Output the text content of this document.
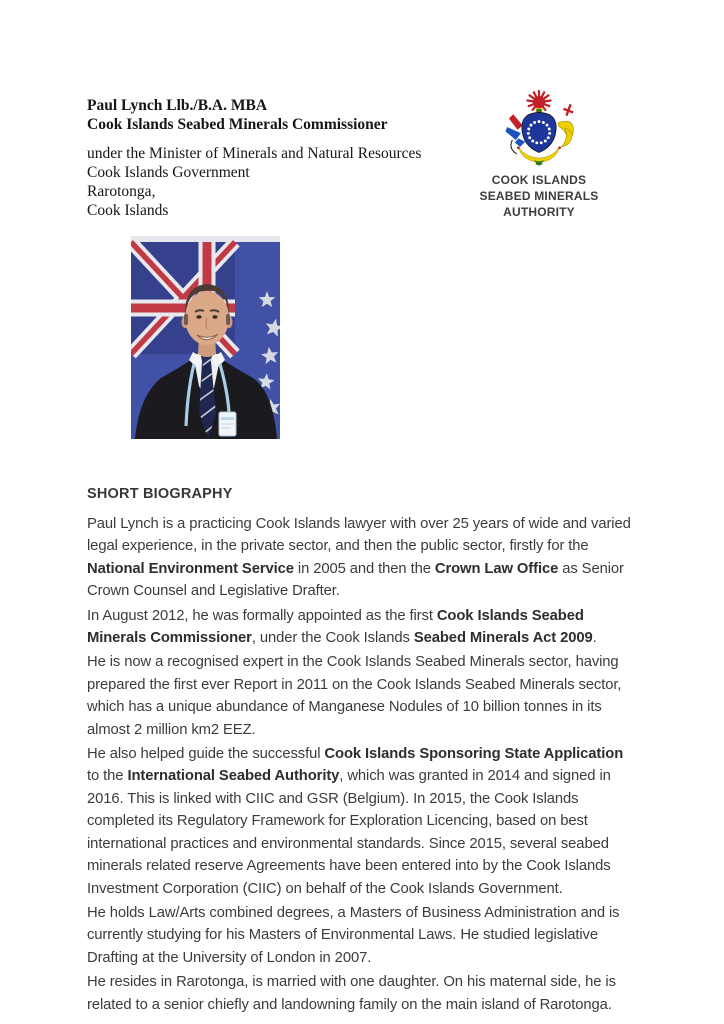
Paul Lynch Llb./B.A. MBA
Cook Islands Seabed Minerals Commissioner
under the Minister of Minerals and Natural Resources
Cook Islands Government
Rarotonga,
Cook Islands
COOK ISLANDS
SEABED MINERALS AUTHORITY
SHORT BIOGRAPHY

Paul Lynch is a practicing Cook Islands lawyer with over 25 years of wide and varied legal experience, in the private sector, and then the public sector, firstly for the National Environment Service in 2005 and then the Crown Law Office as Senior Crown Counsel and Legislative Drafter.

In August 2012, he was formally appointed as the first Cook Islands Seabed Minerals Commissioner, under the Cook Islands Seabed Minerals Act 2009.

He is now a recognised expert in the Cook Islands Seabed Minerals sector, having prepared the first ever Report in 2011 on the Cook Islands Seabed Minerals sector, which has a unique abundance of Manganese Nodules of 10 billion tonnes in its almost 2 million km2 EEZ.

He also helped guide the successful Cook Islands Sponsoring State Application to the International Seabed Authority, which was granted in 2014 and signed in 2016. This is linked with CIIC and GSR (Belgium). In 2015, the Cook Islands completed its Regulatory Framework for Exploration Licencing, based on best international practices and environmental standards. Since 2015, several seabed minerals related reserve Agreements have been entered into by the Cook Islands Investment Corporation (CIIC) on behalf of the Cook Islands Government.

He holds Law/Arts combined degrees, a Masters of Business Administration and is currently studying for his Masters of Environmental Laws. He studied legislative Drafting at the University of London in 2007.

He resides in Rarotonga, is married with one daughter. On his maternal side, he is related to a senior chiefly and landowning family on the main island of Rarotonga.
